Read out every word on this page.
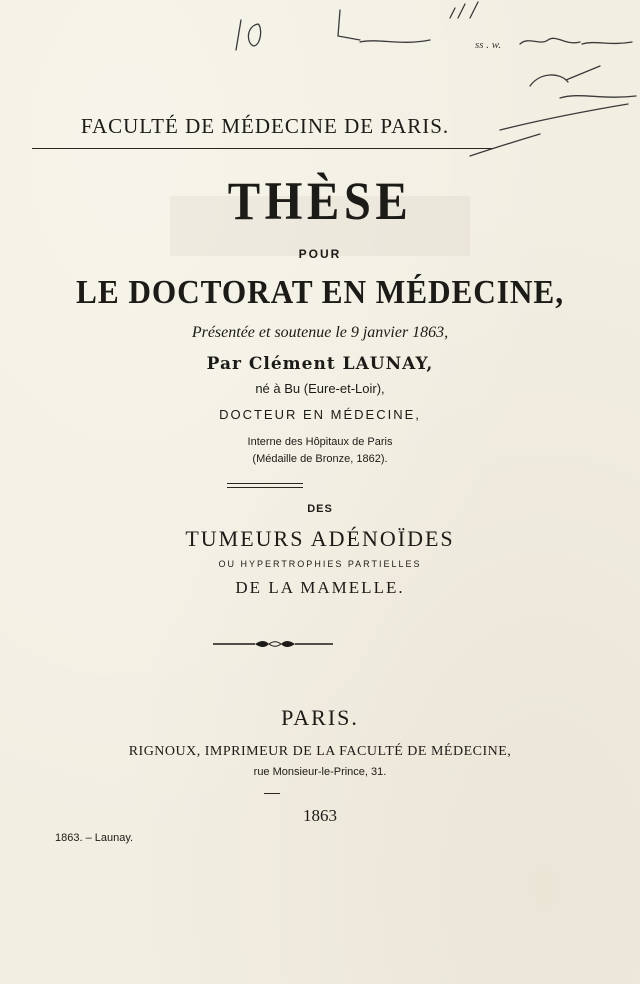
ss . w.
FACULTÉ DE MÉDECINE DE PARIS.
THÈSE
POUR
LE DOCTORAT EN MÉDECINE,
Présentée et soutenue le 9 janvier 1863,
Par Clément LAUNAY,
né à Bu (Eure-et-Loir),
DOCTEUR EN MÉDECINE,
Interne des Hôpitaux de Paris
(Médaille de Bronze, 1862).
DES
TUMEURS ADÉNOÏDES
OU HYPERTROPHIES PARTIELLES
DE LA MAMELLE.
PARIS.
RIGNOUX, IMPRIMEUR DE LA FACULTÉ DE MÉDECINE,
rue Monsieur-le-Prince, 31.
1863
1863. – Launay.
